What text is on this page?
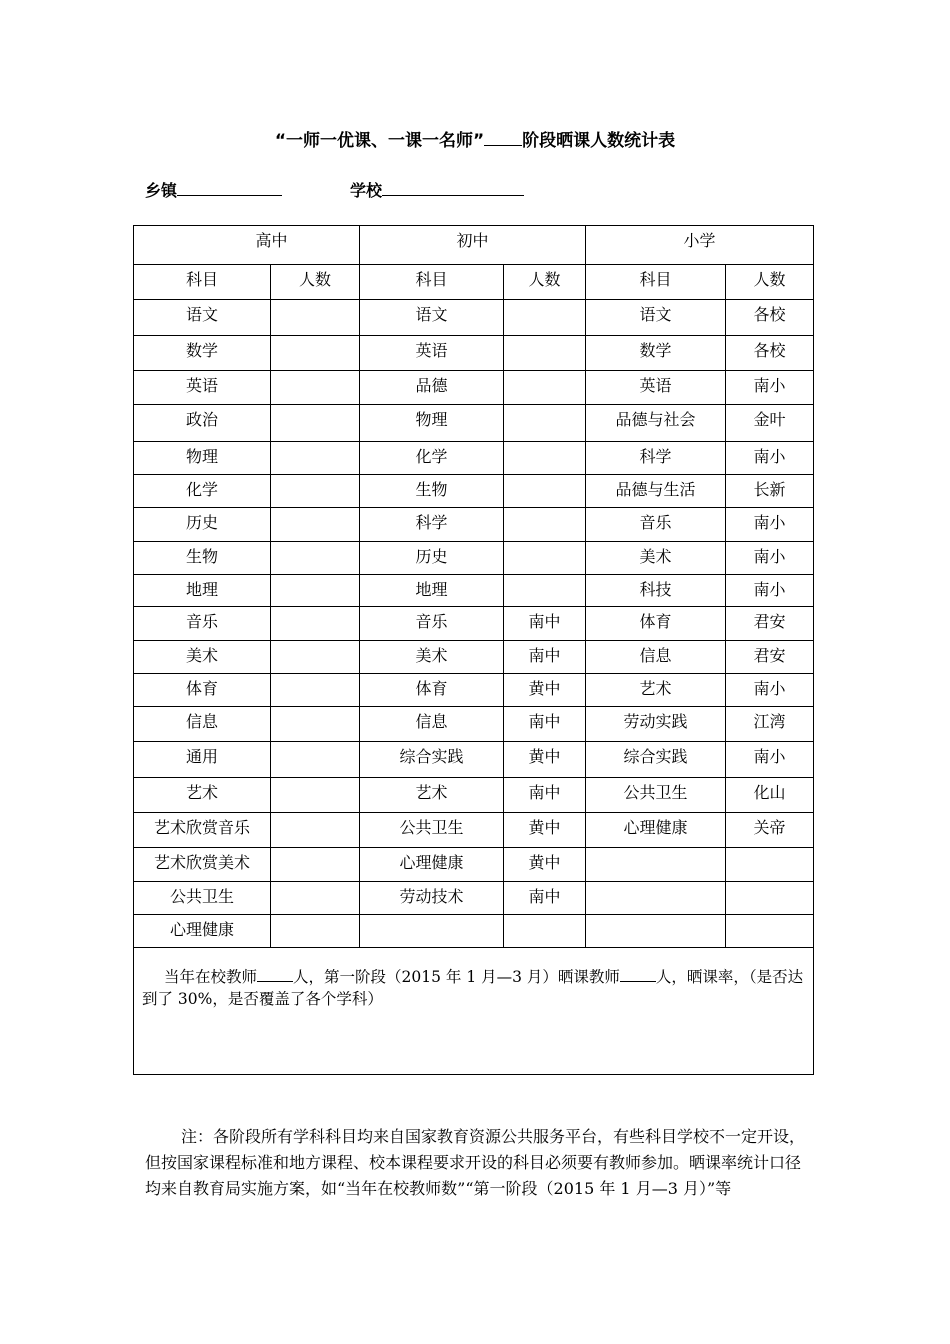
“一师一优课、一课一名师” 阶段晒课人数统计表
乡镇	学校
高中		初中		小学	
科目	人数	科目	人数	科目	人数
语文		语文		语文	各校
数学		英语		数学	各校
英语		品德		英语	南小
政治		物理		品德与社会	金叶
物理		化学		科学	南小
化学		生物		品德与生活	长新
历史		科学		音乐	南小
生物		历史		美术	南小
地理		地理		科技	南小
音乐		音乐	南中	体育	君安
美术		美术	南中	信息	君安
体育		体育	黄中	艺术	南小
信息		信息	南中	劳动实践	江湾
通用		综合实践	黄中	综合实践	南小
艺术		艺术	南中	公共卫生	化山
艺术欣赏音乐		公共卫生	黄中	心理健康	关帝
艺术欣赏美术		心理健康	黄中		
公共卫生		劳动技术	南中		
心理健康					
当年在校教师 人，第一阶段（2015 年 1 月—3 月）晒课教师 人，晒课率，（是否达到了 30%，是否覆盖了各个学科）					
注：各阶段所有学科科目均来自国家教育资源公共服务平台，有些科目学校不一定开设，但按国家课程标准和地方课程、校本课程要求开设的科目必须要有教师参加。晒课率统计口径均来自教育局实施方案，如“当年在校教师数”“第一阶段（2015 年 1 月—3 月）”等
